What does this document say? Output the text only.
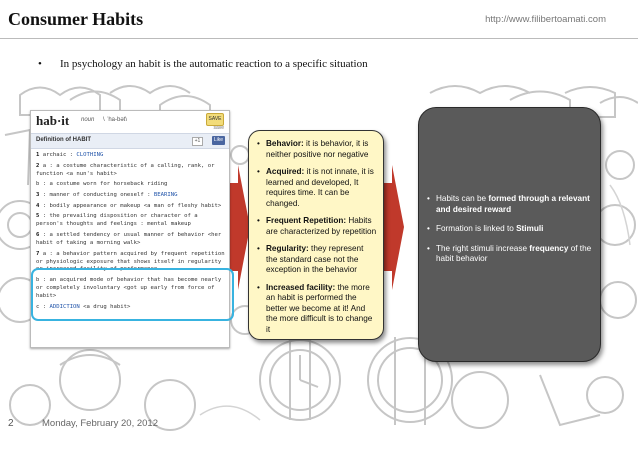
Consumer Habits	http://www.filibertoamati.com
• In psychology an habit is the automatic reaction to a specific situation
hab·it noun \ ˈha-bət\	SAVE
save
Definition of HABIT	+1	Like
1 archaic : CLOTHING
2 a : a costume characteristic of a calling, rank, or function <a nun's habit>
b : a costume worn for horseback riding
3 : manner of conducting oneself : BEARING
4 : bodily appearance or makeup <a man of fleshy habit>
5 : the prevailing disposition or character of a person's thoughts and feelings : mental makeup
6 : a settled tendency or usual manner of behavior <her habit of taking a morning walk>
7 a : a behavior pattern acquired by frequent repetition or physiologic exposure that shows itself in regularity or increased facility of performance
b : an acquired mode of behavior that has become nearly or completely involuntary <got up early from force of habit>
c : ADDICTION <a drug habit>
• Behavior: it is behavior, it is neither positive nor negative
• Acquired: it is not innate, it is learned and developed, It requires time. It can be changed.
• Frequent Repetition: Habits are characterized by repetition
• Regularity: they represent the standard case not the exception in the behavior
• Increased facility: the more an habit is performed the better we become at it! And the more difficult is to change it
• Habits can be formed through a relevant and desired reward
• Formation is linked to Stimuli
• The right stimuli increase frequency of the habit behavior
2	Monday, February 20, 2012
